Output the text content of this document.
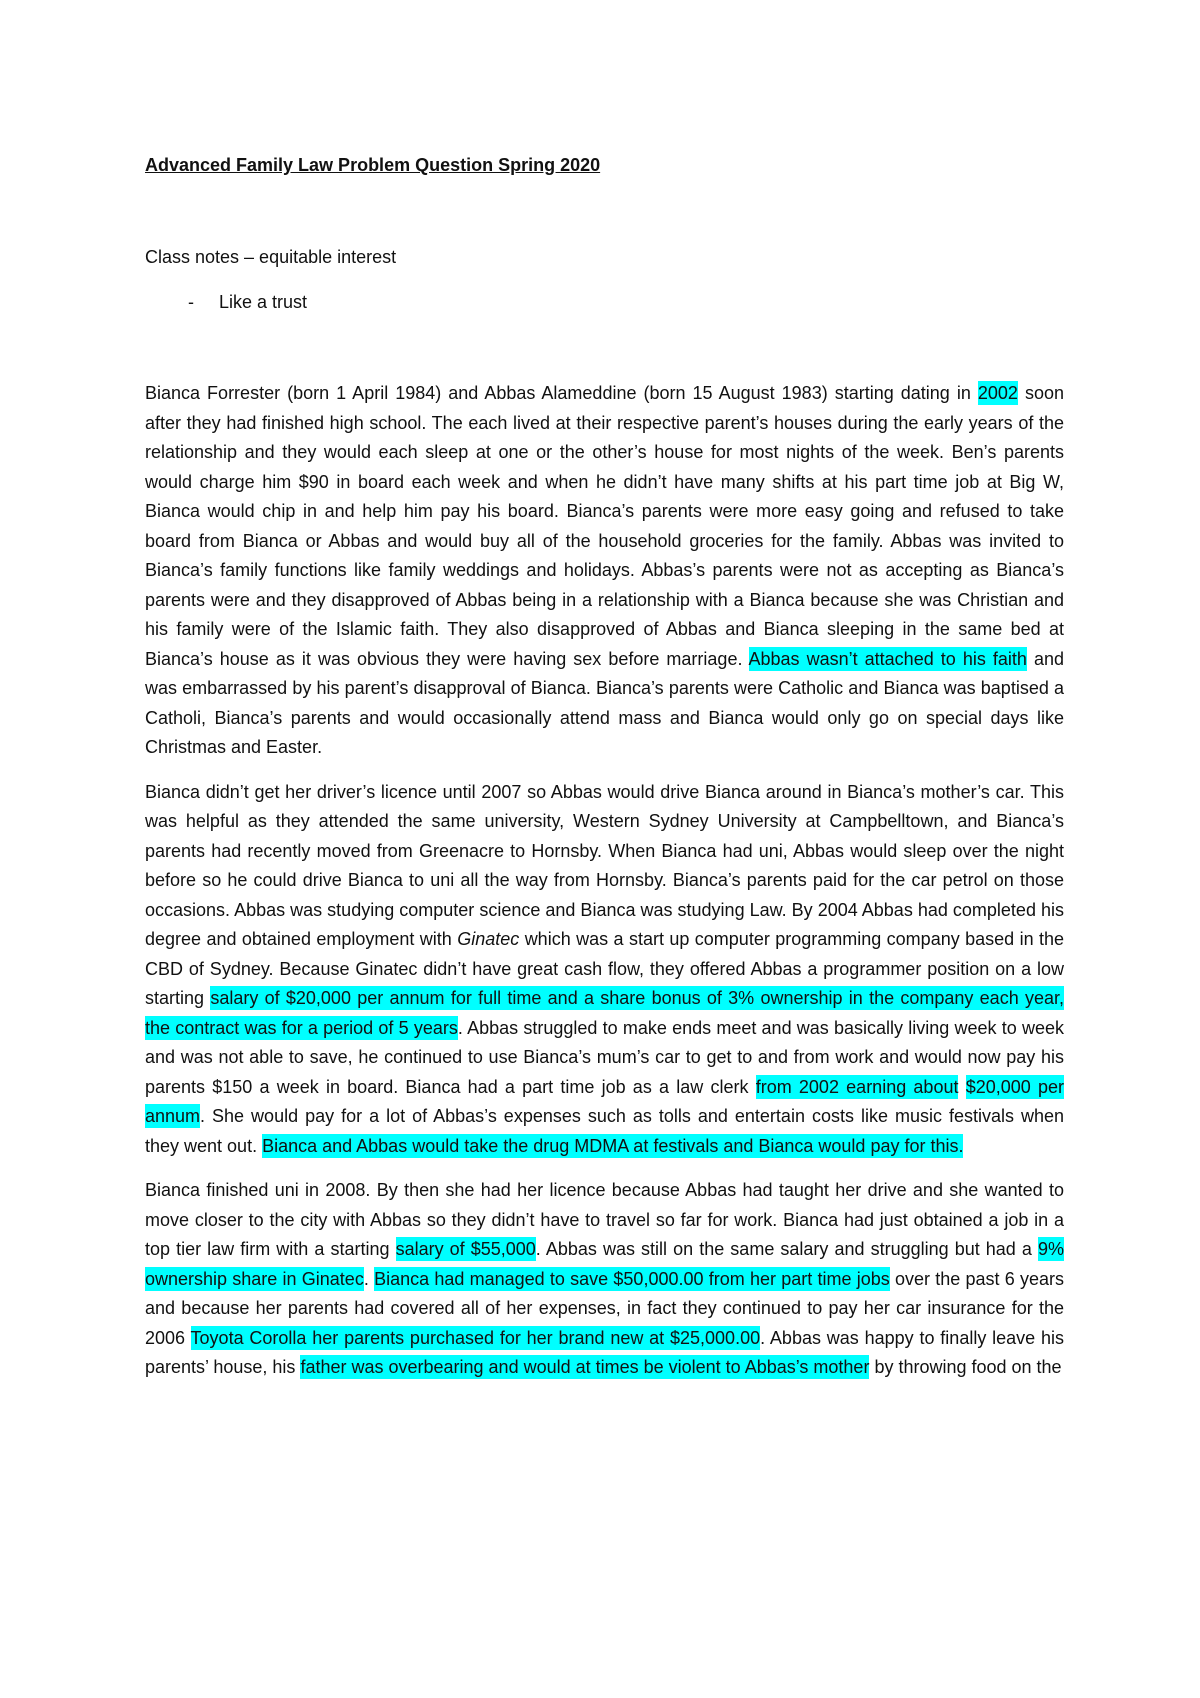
Advanced Family Law Problem Question Spring 2020

Class notes – equitable interest

- Like a trust

Bianca Forrester (born 1 April 1984) and Abbas Alameddine (born 15 August 1983) starting dating in 2002 soon after they had finished high school. The each lived at their respective parent’s houses during the early years of the relationship and they would each sleep at one or the other’s house for most nights of the week. Ben’s parents would charge him $90 in board each week and when he didn’t have many shifts at his part time job at Big W, Bianca would chip in and help him pay his board. Bianca’s parents were more easy going and refused to take board from Bianca or Abbas and would buy all of the household groceries for the family. Abbas was invited to Bianca’s family functions like family weddings and holidays. Abbas’s parents were not as accepting as Bianca’s parents were and they disapproved of Abbas being in a relationship with a Bianca because she was Christian and his family were of the Islamic faith. They also disapproved of Abbas and Bianca sleeping in the same bed at Bianca’s house as it was obvious they were having sex before marriage. Abbas wasn’t attached to his faith and was embarrassed by his parent’s disapproval of Bianca. Bianca’s parents were Catholic and Bianca was baptised a Catholi, Bianca’s parents and would occasionally attend mass and Bianca would only go on special days like Christmas and Easter.

Bianca didn’t get her driver’s licence until 2007 so Abbas would drive Bianca around in Bianca’s mother’s car. This was helpful as they attended the same university, Western Sydney University at Campbelltown, and Bianca’s parents had recently moved from Greenacre to Hornsby. When Bianca had uni, Abbas would sleep over the night before so he could drive Bianca to uni all the way from Hornsby. Bianca’s parents paid for the car petrol on those occasions. Abbas was studying computer science and Bianca was studying Law. By 2004 Abbas had completed his degree and obtained employment with Ginatec which was a start up computer programming company based in the CBD of Sydney. Because Ginatec didn’t have great cash flow, they offered Abbas a programmer position on a low starting salary of $20,000 per annum for full time and a share bonus of 3% ownership in the company each year, the contract was for a period of 5 years. Abbas struggled to make ends meet and was basically living week to week and was not able to save, he continued to use Bianca’s mum’s car to get to and from work and would now pay his parents $150 a week in board. Bianca had a part time job as a law clerk from 2002 earning about $20,000 per annum. She would pay for a lot of Abbas’s expenses such as tolls and entertain costs like music festivals when they went out. Bianca and Abbas would take the drug MDMA at festivals and Bianca would pay for this.

Bianca finished uni in 2008. By then she had her licence because Abbas had taught her drive and she wanted to move closer to the city with Abbas so they didn’t have to travel so far for work. Bianca had just obtained a job in a top tier law firm with a starting salary of $55,000. Abbas was still on the same salary and struggling but had a 9% ownership share in Ginatec. Bianca had managed to save $50,000.00 from her part time jobs over the past 6 years and because her parents had covered all of her expenses, in fact they continued to pay her car insurance for the 2006 Toyota Corolla her parents purchased for her brand new at $25,000.00. Abbas was happy to finally leave his parents’ house, his father was overbearing and would at times be violent to Abbas’s mother by throwing food on the
